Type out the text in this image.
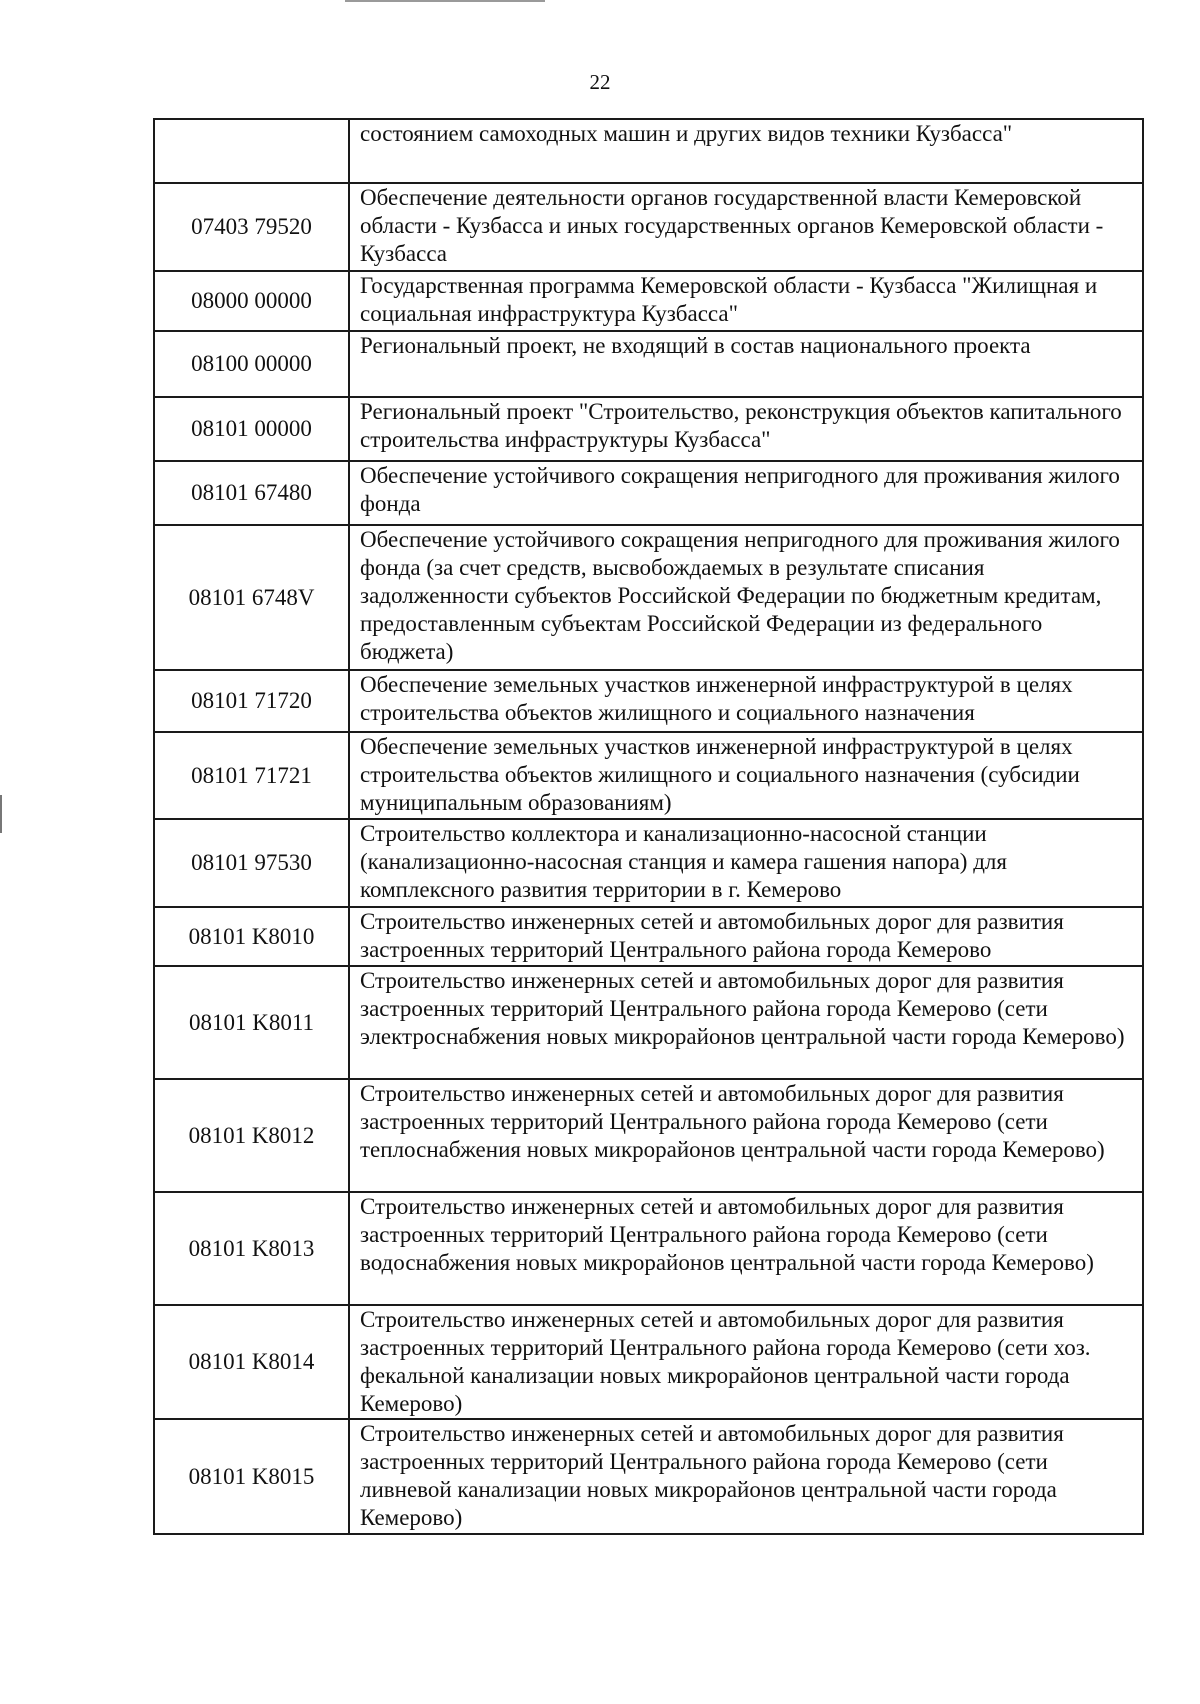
22
	состоянием самоходных машин и других видов техники Кузбасса"
07403 79520	Обеспечение деятельности органов государственной власти Кемеровской области - Кузбасса и иных государственных органов Кемеровской области - Кузбасса
08000 00000	Государственная программа Кемеровской области - Кузбасса "Жилищная и социальная инфраструктура Кузбасса"
08100 00000	Региональный проект, не входящий в состав национального проекта
08101 00000	Региональный проект "Строительство, реконструкция объектов капитального строительства инфраструктуры Кузбасса"
08101 67480	Обеспечение устойчивого сокращения непригодного для проживания жилого фонда
08101 6748V	Обеспечение устойчивого сокращения непригодного для проживания жилого фонда (за счет средств, высвобождаемых в результате списания задолженности субъектов Российской Федерации по бюджетным кредитам, предоставленным субъектам Российской Федерации из федерального бюджета)
08101 71720	Обеспечение земельных участков инженерной инфраструктурой в целях строительства объектов жилищного и социального назначения
08101 71721	Обеспечение земельных участков инженерной инфраструктурой в целях строительства объектов жилищного и социального назначения (субсидии муниципальным образованиям)
08101 97530	Строительство коллектора и канализационно-насосной станции (канализационно-насосная станция и камера гашения напора) для комплексного развития территории в г. Кемерово
08101 K8010	Строительство инженерных сетей и автомобильных дорог для развития застроенных территорий Центрального района города Кемерово
08101 K8011	Строительство инженерных сетей и автомобильных дорог для развития застроенных территорий Центрального района города Кемерово (сети электроснабжения новых микрорайонов центральной части города Кемерово)
08101 K8012	Строительство инженерных сетей и автомобильных дорог для развития застроенных территорий Центрального района города Кемерово (сети теплоснабжения новых микрорайонов центральной части города Кемерово)
08101 K8013	Строительство инженерных сетей и автомобильных дорог для развития застроенных территорий Центрального района города Кемерово (сети водоснабжения новых микрорайонов центральной части города Кемерово)
08101 K8014	Строительство инженерных сетей и автомобильных дорог для развития застроенных территорий Центрального района города Кемерово (сети хоз. фекальной канализации новых микрорайонов центральной части города Кемерово)
08101 K8015	Строительство инженерных сетей и автомобильных дорог для развития застроенных территорий Центрального района города Кемерово (сети ливневой канализации новых микрорайонов центральной части города Кемерово)
